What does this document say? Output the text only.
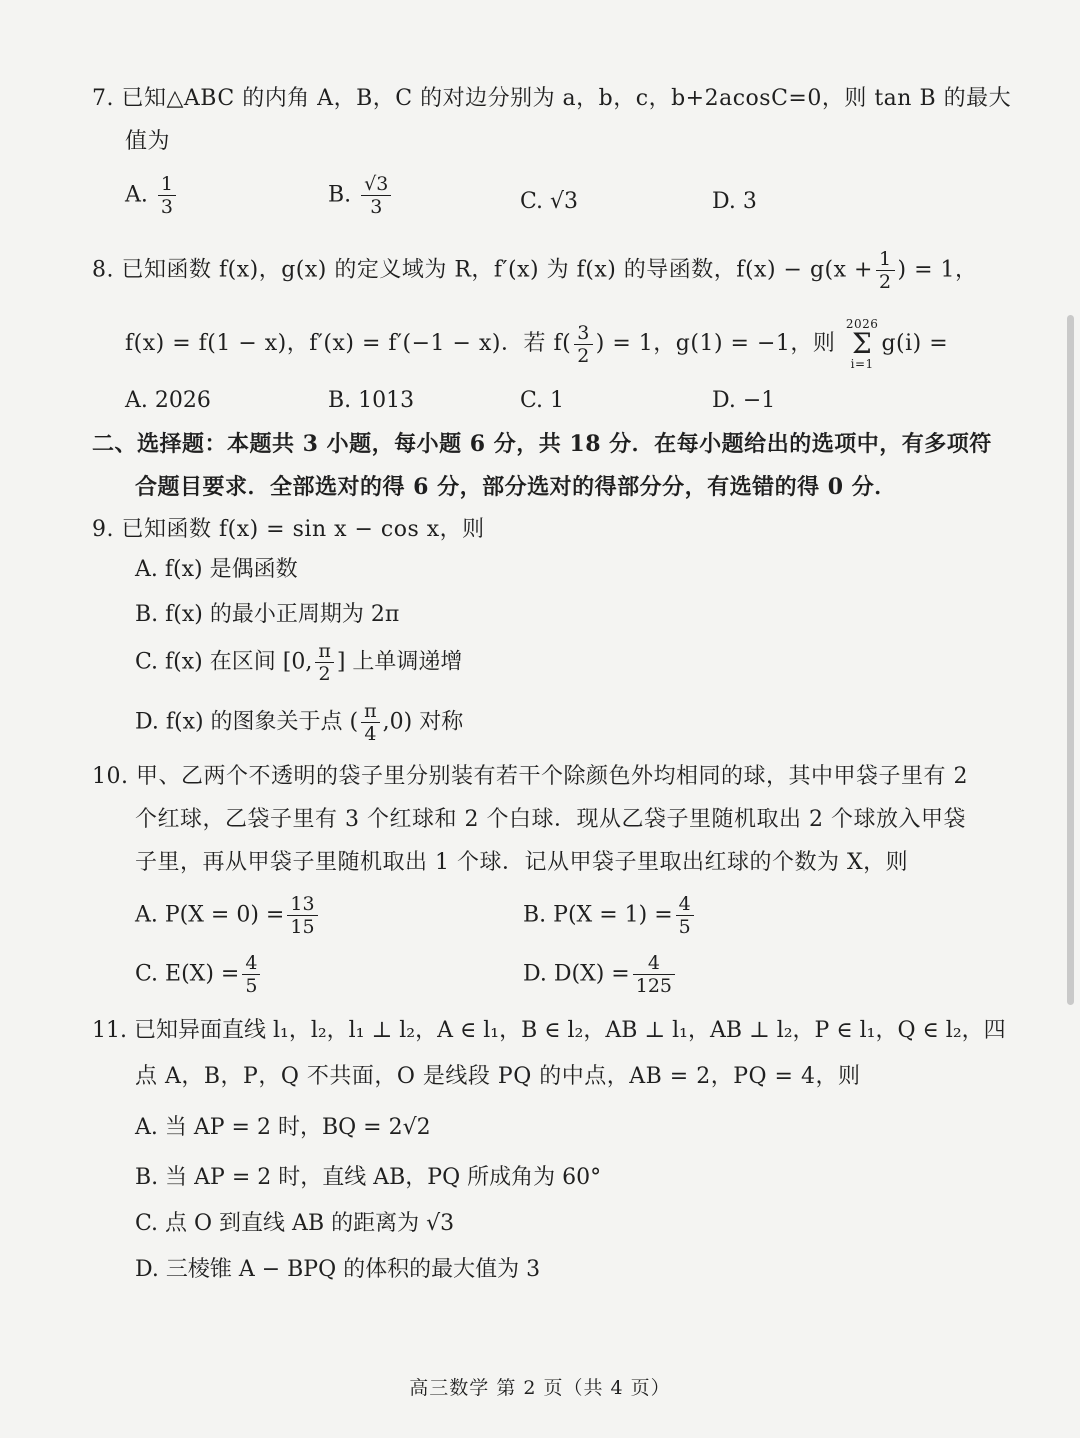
7. 已知△ABC 的内角 A，B，C 的对边分别为 a，b，c，b+2acosC=0，则 tan B 的最大
值为
A. $\frac{1}{3}$	B. $\frac{√3}{3}$	C. √3	D. 3
8. 已知函数 f(x)，g(x) 的定义域为 R，f′(x) 为 f(x) 的导函数，$f(x) - g(x + \frac{1}{2}$ ) = 1，
f(x) = f(1 − x)，f′(x) = f′(−1 − x)．若 $f( \frac{3}{2}$ ) = 1，g(1) = −1，则
2026
Σ
i=1
g(i) =
A. 2026	B. 1013	C. 1	D. −1
二、选择题：本题共 3 小题，每小题 6 分，共 18 分．在每小题给出的选项中，有多项符
合题目要求．全部选对的得 6 分，部分选对的得部分分，有选错的得 0 分．
9. 已知函数 f(x) = sin x − cos x，则
A. f(x) 是偶函数
B. f(x) 的最小正周期为 2π
C. f(x) 在区间 [0, $\frac{\pi}{2}$ ] 上单调递增
D. f(x) 的图象关于点 ( $\frac{\pi}{4} ,0$) 对称
10. 甲、乙两个不透明的袋子里分别装有若干个除颜色外均相同的球，其中甲袋子里有 2
个红球，乙袋子里有 3 个红球和 2 个白球．现从乙袋子里随机取出 2 个球放入甲袋
子里，再从甲袋子里随机取出 1 个球．记从甲袋子里取出红球的个数为 X，则
A. $P(X = 0) = \frac{13}{15}$	B. $P(X = 1) = \frac{4}{5}$
C. $E(X) = \frac{4}{5}$	D. $D(X) = \frac{4}{125}$
11. 已知异面直线 l₁，l₂，l₁ ⊥ l₂，A ∈ l₁，B ∈ l₂，AB ⊥ l₁，AB ⊥ l₂，P ∈ l₁，Q ∈ l₂，四
点 A，B，P，Q 不共面，O 是线段 PQ 的中点，AB = 2，PQ = 4，则
A. 当 AP = 2 时，BQ = 2√2
B. 当 AP = 2 时，直线 AB，PQ 所成角为 60°
C. 点 O 到直线 AB 的距离为 √3
D. 三棱锥 A − BPQ 的体积的最大值为 3
高三数学 第 2 页（共 4 页）
